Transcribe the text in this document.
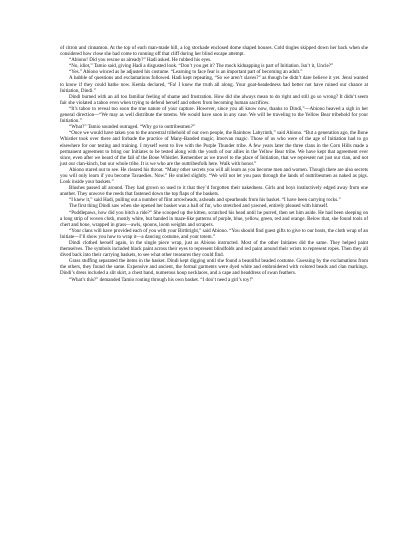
of citron and cinnamon. At the top of each man-made hill, a log stockade enclosed dome shaped houses. Cold tingles skipped down her back when she considered how close she had come to running off that cliff during her blind escape attempt.

“Abiono! Did you rescue us already?” Hadi asked. He rubbed his eyes.

“No, idiot,” Tamio said, giving Hadi a disgusted look. “Don’t you get it? The mock kidnapping is part of Initiation. Isn’t it, Uncle?”

“Yes.” Abiono winced as he adjusted his costume. “Learning to face fear is an important part of becoming an adult.”

A babble of questions and exclamations followed. Hadi kept repeating, “So we aren’t slaves?” as though he didn’t dare believe it yet. Jensi wanted to know if they could bathe now. Kemla declared, “Fa! I knew the truth all along. Your goat-headedness had better not have ruined our chance at Initiation, Dindi.”

Dindi burned with an all too familiar feeling of shame and frustration. How did she always mean to do right and still go so wrong? It didn’t seem fair she violated a taboo even when trying to defend herself and others from becoming human sacrifices.

“It’s taboo to reveal too soon the true nature of your capture. However, since you all know now, thanks to Dindi,”—Abiono heaved a sigh in her general direction—“We may as well distribute the totems. We would have soon in any case. We will be traveling to the Yellow Bear tribehold for your Initiation.”

“What?” Tamio sounded outraged. “Why go to outtribesmen?”

“Once we would have taken you to the ancestral tribehold of our own people, the Rainbow Labyrinth,” said Abiono. “But a generation ago, the Bone Whistler took over there and forbade the practice of Many-Banded magic, Imorvan magic. Those of us who were of the age of Initiation had to go elsewhere for our testing and training. I myself went to live with the Purple Thunder tribe. A few years later the three clans in the Corn Hills made a permanent agreement to bring our Initiates to be tested along with the youth of our allies in the Yellow Bear tribe. We have kept that agreement ever since, even after we heard of the fall of the Bone Whistler. Remember as we travel to the place of Initiation, that we represent not just our clan, and not just our clan-kinch, but our whole tribe. It is we who are the outtribesfolk here. Walk with honor.”

Abiono stared out to see. He cleared his throat. “Many other secrets you will all learn as you become men and women. Though there are also secrets you will only learn if you become Tavaedies. Now.” He smiled slightly. “We will not let you pass through the lands of outtribesmen as naked as pigs. Look inside your baskets.”

Blushes passed all around. They had grown so used to it that they’d forgotten their nakedness. Girls and boys instinctively edged away from one another. They unwove the reeds that fastened down the top flaps of the baskets.

“I knew it,” said Hadi, pulling out a number of flint arrowheads, axheads and spearheads from his basket. “I have been carrying rocks.”

The first thing Dindi saw when she opened her basket was a ball of fur, who stretched and yawned, entirely pleased with himself.

“Puddlepaws, how did you hitch a ride?” She scooped up the kitten, scratched his head until he purred, then set him aside. He had been sleeping on a long strip of woven cloth, mostly white, but banded in maze-like patterns of purple, blue, yellow, green, red and orange. Below that, she found tools of chert and bone, wrapped in grass—awls, spoons, loom weights and scrapers.

“Your clans will have provided each of you with your Birthright,” said Abiono. “You should find guest gifts to give to our hosts, the cloth wrap of an Initiate—I’ll show you how to wrap it—a dancing costume, and your totem.”

Dindi clothed herself again, in the single piece wrap, just as Abiono instructed. Most of the other Initiates did the same. They helped paint themselves. The symbols included black paint across their eyes to represent blindfolds and red paint around their wrists to represent ropes. Then they all dived back into their carrying baskets, to see what other treasures they could find.

Grass stuffing separated the items in the basket. Dindi kept digging until she found a beautiful beaded costume. Guessing by the exclamations from the others, they found the same. Expensive and ancient, the formal garments were dyed white and embroidered with colored beads and clan markings. Dindi’s dress included a slit skirt, a chest band, numerous hoop necklaces, and a cape and headdress of swan feathers.

“What’s this?” demanded Tamio routing through his own basket. “I don’t need a girl’s toy!”
